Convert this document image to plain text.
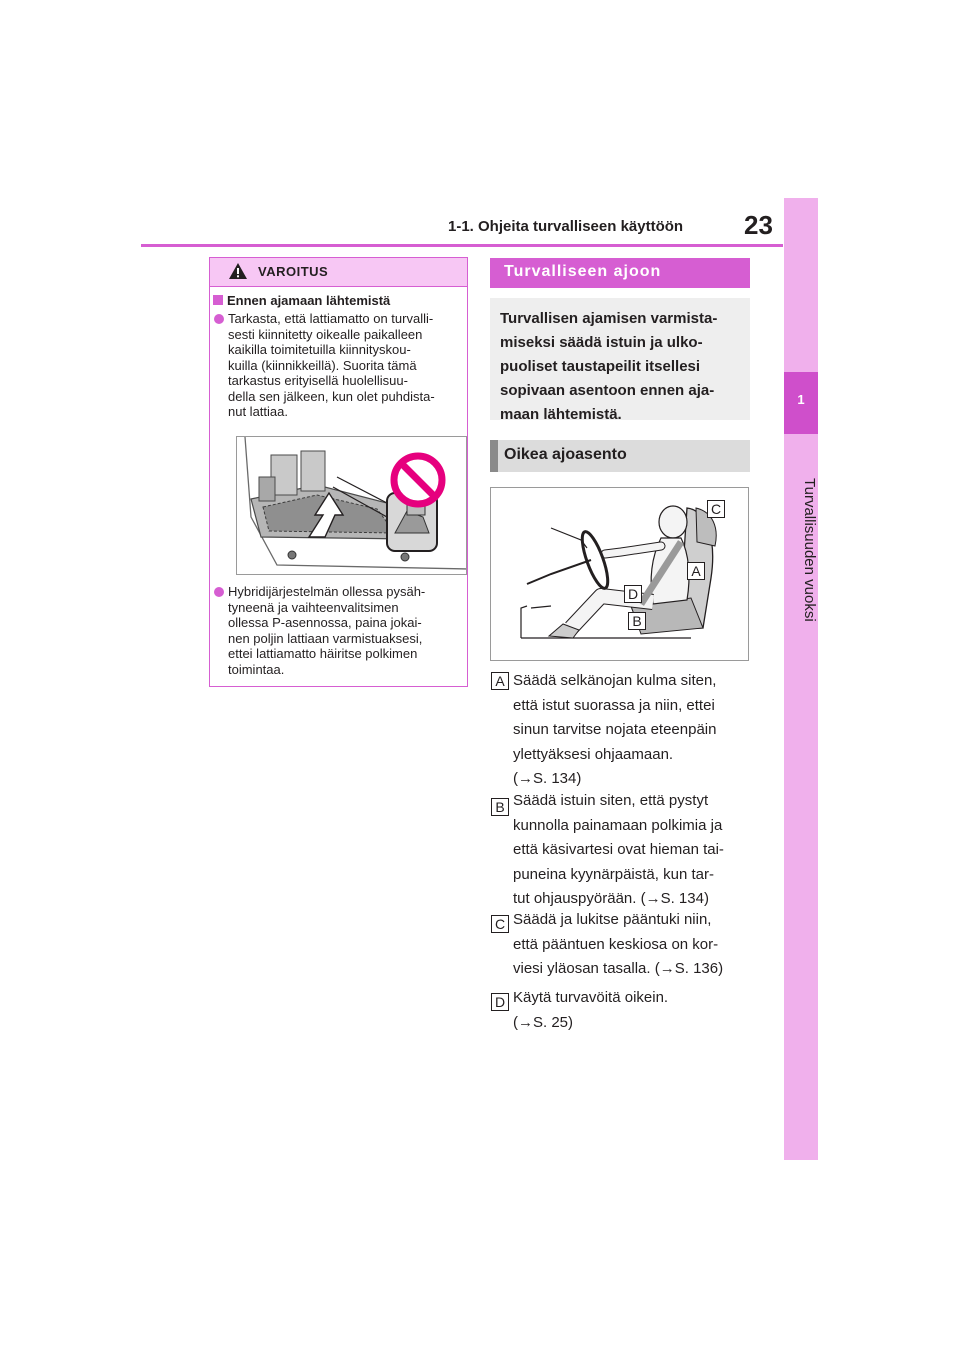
1-1. Ohjeita turvalliseen käyttöön 23
1
Turvallisuuden vuoksi
VAROITUS
Ennen ajamaan lähtemistä
Tarkasta, että lattiamatto on turvalli-
sesti kiinnitetty oikealle paikalleen
kaikilla toimitetuilla kiinnityskou-
kuilla (kiinnikkeillä). Suorita tämä
tarkastus erityisellä huolellisuu-
della sen jälkeen, kun olet puhdista-
nut lattiaa.
Hybridijärjestelmän ollessa pysäh-
tyneenä ja vaihteenvalitsimen
ollessa P-asennossa, paina jokai-
nen poljin lattiaan varmistuaksesi,
ettei lattiamatto häiritse polkimen
toimintaa.
Turvalliseen ajoon
Turvallisen ajamisen varmista-
miseksi säädä istuin ja ulko-
puoliset taustapeilit itsellesi
sopivaan asentoon ennen aja-
maan lähtemistä.
Oikea ajoasento
C
A
D
B
A Säädä selkänojan kulma siten,
että istut suorassa ja niin, ettei
sinun tarvitse nojata eteenpäin
ylettyäksesi ohjaamaan.
(→S. 134)
B Säädä istuin siten, että pystyt
kunnolla painamaan polkimia ja
että käsivartesi ovat hieman tai-
puneina kyynärpäistä, kun tar-
tut ohjauspyörään. (→S. 134)
C Säädä ja lukitse pääntuki niin,
että pääntuen keskiosa on kor-
viesi yläosan tasalla. (→S. 136)
D Käytä turvavöitä oikein.
(→S. 25)
